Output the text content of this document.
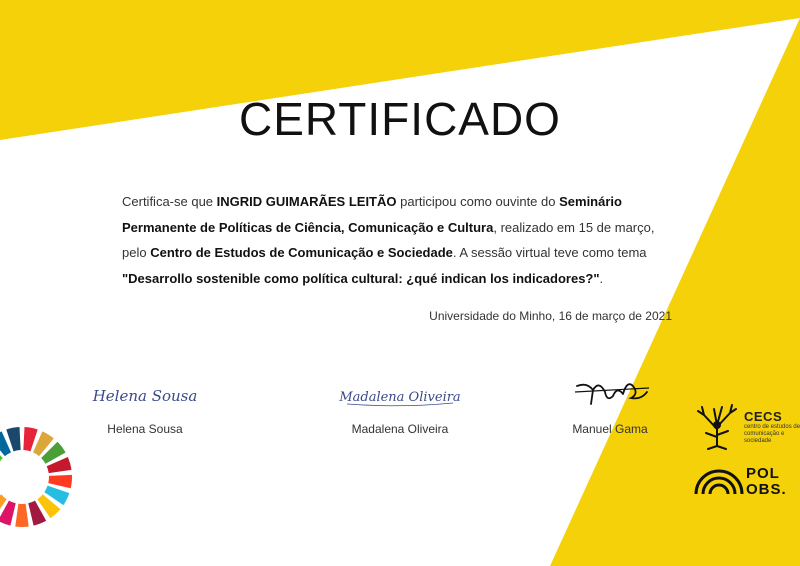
CERTIFICADO
Certifica-se que INGRID GUIMARÃES LEITÃO participou como ouvinte do Seminário Permanente de Políticas de Ciência, Comunicação e Cultura, realizado em 15 de março, pelo Centro de Estudos de Comunicação e Sociedade. A sessão virtual teve como tema "Desarrollo sostenible como política cultural: ¿qué indican los indicadores?".
Universidade do Minho, 16 de março de 2021
Helena Sousa
Helena Sousa
Madalena Oliveira
Madalena Oliveira	Manuel Gama
CECS
centro de estudos de comunicação e sociedade
POL
OBS.
